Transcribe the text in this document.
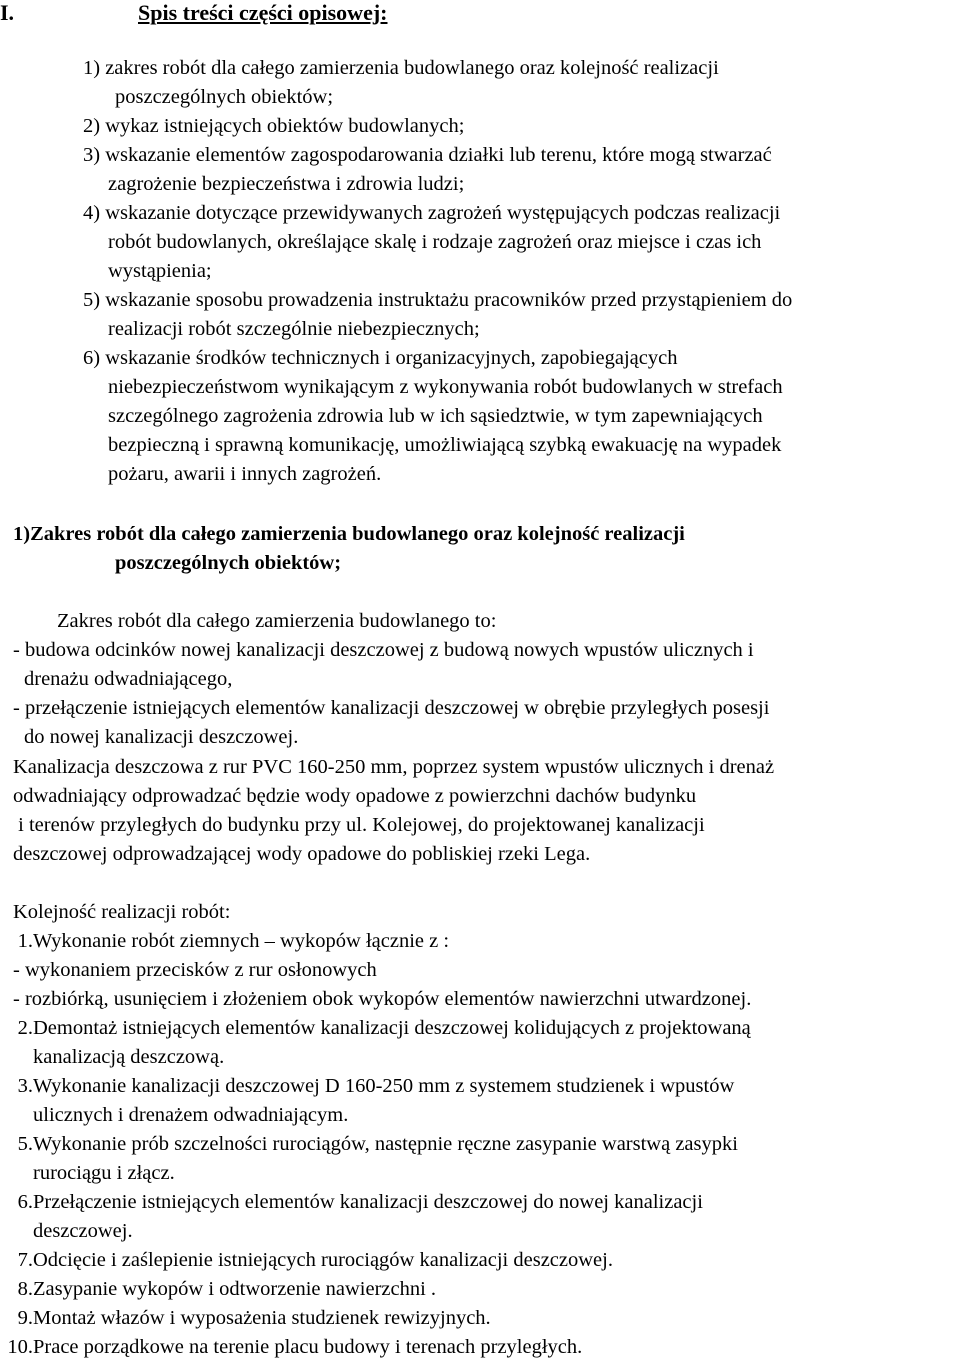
I.	Spis treści części opisowej:
1) zakres robót dla całego zamierzenia budowlanego oraz kolejność realizacji
poszczególnych obiektów;
2) wykaz istniejących obiektów budowlanych;
3) wskazanie elementów zagospodarowania działki lub terenu, które mogą stwarzać
zagrożenie bezpieczeństwa i zdrowia ludzi;
4) wskazanie dotyczące przewidywanych zagrożeń występujących podczas realizacji
robót budowlanych, określające skalę i rodzaje zagrożeń oraz miejsce i czas ich
wystąpienia;
5) wskazanie sposobu prowadzenia instruktażu pracowników przed przystąpieniem do
realizacji robót szczególnie niebezpiecznych;
6) wskazanie środków technicznych i organizacyjnych, zapobiegających
niebezpieczeństwom wynikającym z wykonywania robót budowlanych w strefach
szczególnego zagrożenia zdrowia lub w ich sąsiedztwie, w tym zapewniających
bezpieczną i sprawną komunikację, umożliwiającą szybką ewakuację na wypadek
pożaru, awarii i innych zagrożeń.
1)Zakres robót dla całego zamierzenia budowlanego oraz kolejność realizacji
poszczególnych obiektów;
Zakres robót dla całego zamierzenia budowlanego to:
- budowa odcinków nowej kanalizacji deszczowej z budową nowych wpustów ulicznych i
drenażu odwadniającego,
- przełączenie istniejących elementów kanalizacji deszczowej w obrębie przyległych posesji
do nowej kanalizacji deszczowej.
Kanalizacja deszczowa z rur PVC 160-250 mm, poprzez system wpustów ulicznych i drenaż
odwadniający odprowadzać będzie wody opadowe z powierzchni dachów budynku
i terenów przyległych do budynku przy ul. Kolejowej, do projektowanej kanalizacji
deszczowej odprowadzającej wody opadowe do pobliskiej rzeki Lega.
Kolejność realizacji robót:
1. Wykonanie robót ziemnych – wykopów łącznie z :
- wykonaniem przecisków z rur osłonowych
- rozbiórką, usunięciem i złożeniem obok wykopów elementów nawierzchni utwardzonej.
2. Demontaż istniejących elementów kanalizacji deszczowej kolidujących z projektowaną
kanalizacją deszczową.
3. Wykonanie kanalizacji deszczowej D 160-250 mm z systemem studzienek i wpustów
ulicznych i drenażem odwadniającym.
5. Wykonanie prób szczelności rurociągów, następnie ręczne zasypanie warstwą zasypki
rurociągu i złącz.
6. Przełączenie istniejących elementów kanalizacji deszczowej do nowej kanalizacji
deszczowej.
7. Odcięcie i zaślepienie istniejących rurociągów kanalizacji deszczowej.
8. Zasypanie wykopów i odtworzenie nawierzchni .
9. Montaż włazów i wyposażenia studzienek rewizyjnych.
10. Prace porządkowe na terenie placu budowy i terenach przyległych.
